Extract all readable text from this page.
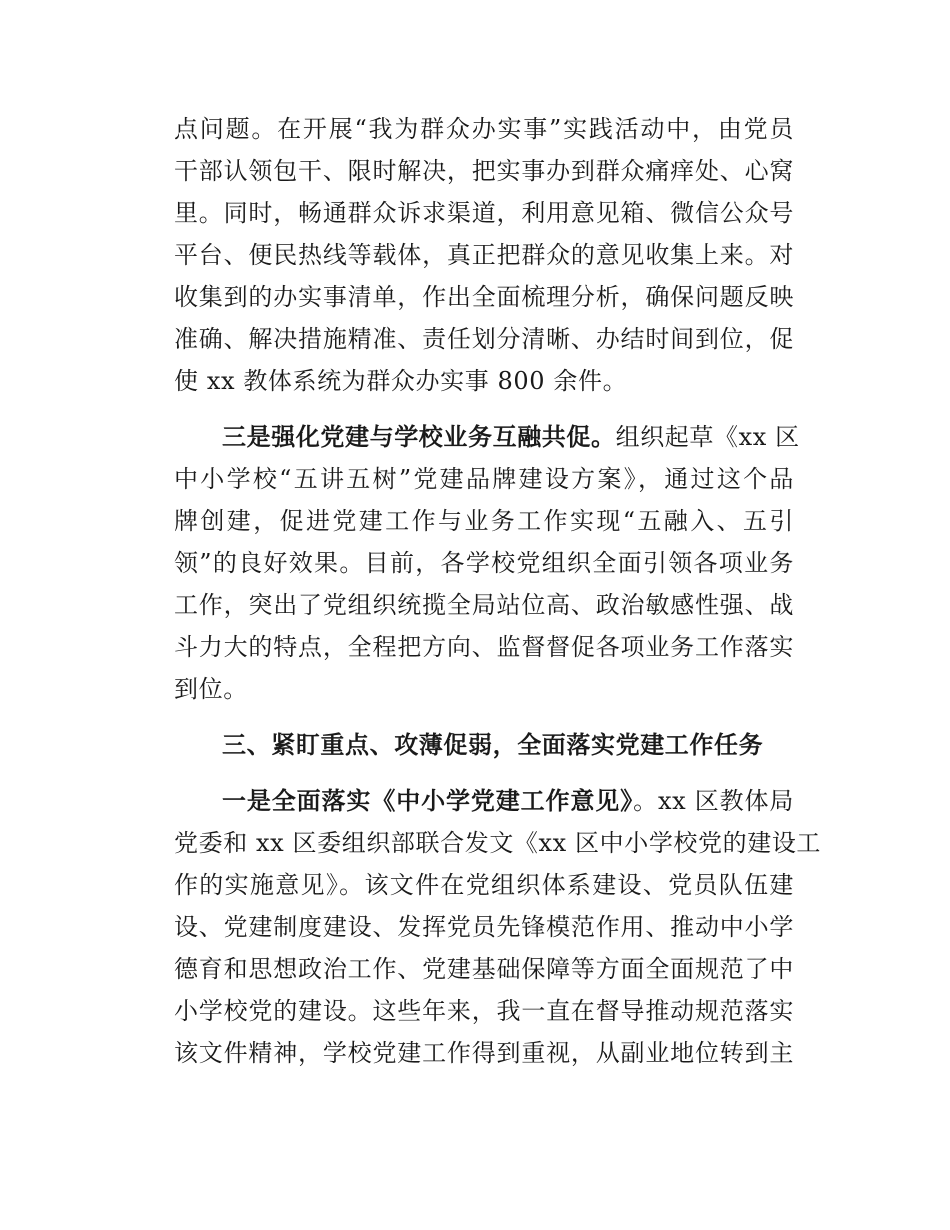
点问题。在开展“我为群众办实事”实践活动中，由党员
干部认领包干、限时解决，把实事办到群众痛痒处、心窝
里。同时，畅通群众诉求渠道，利用意见箱、微信公众号
平台、便民热线等载体，真正把群众的意见收集上来。对
收集到的办实事清单，作出全面梳理分析，确保问题反映
准确、解决措施精准、责任划分清晰、办结时间到位，促
使 xx 教体系统为群众办实事 800 余件。
三是强化党建与学校业务互融共促。组织起草《xx 区
中小学校“五讲五树”党建品牌建设方案》，通过这个品
牌创建，促进党建工作与业务工作实现“五融入、五引
领”的良好效果。目前，各学校党组织全面引领各项业务
工作，突出了党组织统揽全局站位高、政治敏感性强、战
斗力大的特点，全程把方向、监督督促各项业务工作落实
到位。
三、紧盯重点、攻薄促弱，全面落实党建工作任务
一是全面落实《中小学党建工作意见》。xx 区教体局
党委和 xx 区委组织部联合发文《xx 区中小学校党的建设工
作的实施意见》。该文件在党组织体系建设、党员队伍建
设、党建制度建设、发挥党员先锋模范作用、推动中小学
德育和思想政治工作、党建基础保障等方面全面规范了中
小学校党的建设。这些年来，我一直在督导推动规范落实
该文件精神，学校党建工作得到重视，从副业地位转到主
